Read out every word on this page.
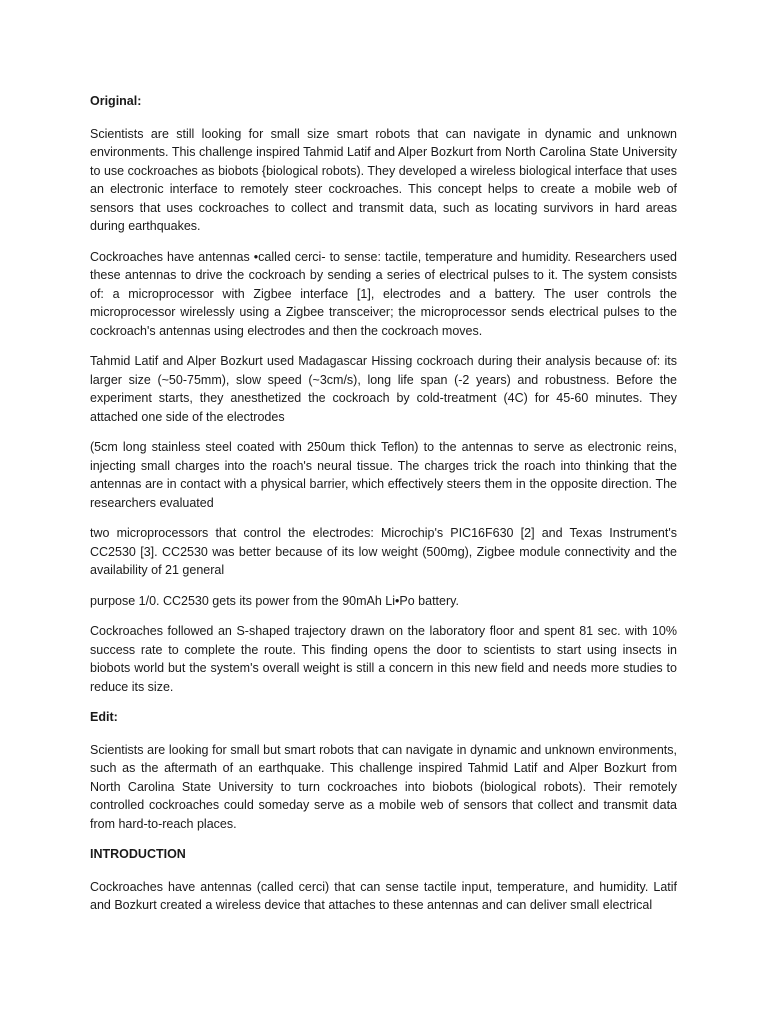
Original:

Scientists are still looking for small size smart robots that can navigate in dynamic and unknown environments. This challenge inspired Tahmid Latif and Alper Bozkurt from North Carolina State University to use cockroaches as biobots {biological robots). They developed a wireless biological interface that uses an electronic interface to remotely steer cockroaches. This concept helps to create a mobile web of sensors that uses cockroaches to collect and transmit data, such as locating survivors in hard areas during earthquakes.

Cockroaches have antennas •called cerci- to sense: tactile, temperature and humidity. Researchers used these antennas to drive the cockroach by sending a series of electrical pulses to it. The system consists of: a microprocessor with Zigbee interface [1], electrodes and a battery. The user controls the microprocessor wirelessly using a Zigbee transceiver; the microprocessor sends electrical pulses to the cockroach's antennas using electrodes and then the cockroach moves.

Tahmid Latif and Alper Bozkurt used Madagascar Hissing cockroach during their analysis because of: its larger size (~50-75mm), slow speed (~3cm/s), long life span (-2 years) and robustness. Before the experiment starts, they anesthetized the cockroach by cold-treatment (4C) for 45-60 minutes. They attached one side of the electrodes

(5cm long stainless steel coated with 250um thick Teflon) to the antennas to serve as electronic reins, injecting small charges into the roach's neural tissue. The charges trick the roach into thinking that the antennas are in contact with a physical barrier, which effectively steers them in the opposite direction. The researchers evaluated

two microprocessors that control the electrodes: Microchip's PIC16F630 [2] and Texas Instrument's CC2530 [3]. CC2530 was better because of its low weight (500mg), Zigbee module connectivity and the availability of 21 general

purpose 1/0. CC2530 gets its power from the 90mAh Li•Po battery.

Cockroaches followed an S-shaped trajectory drawn on the laboratory floor and spent 81 sec. with 10% success rate to complete the route. This finding opens the door to scientists to start using insects in biobots world but the system's overall weight is still a concern in this new field and needs more studies to reduce its size.

Edit:

Scientists are looking for small but smart robots that can navigate in dynamic and unknown environments, such as the aftermath of an earthquake. This challenge inspired Tahmid Latif and Alper Bozkurt from North Carolina State University to turn cockroaches into biobots (biological robots). Their remotely controlled cockroaches could someday serve as a mobile web of sensors that collect and transmit data from hard-to-reach places.

INTRODUCTION

Cockroaches have antennas (called cerci) that can sense tactile input, temperature, and humidity. Latif and Bozkurt created a wireless device that attaches to these antennas and can deliver small electrical
